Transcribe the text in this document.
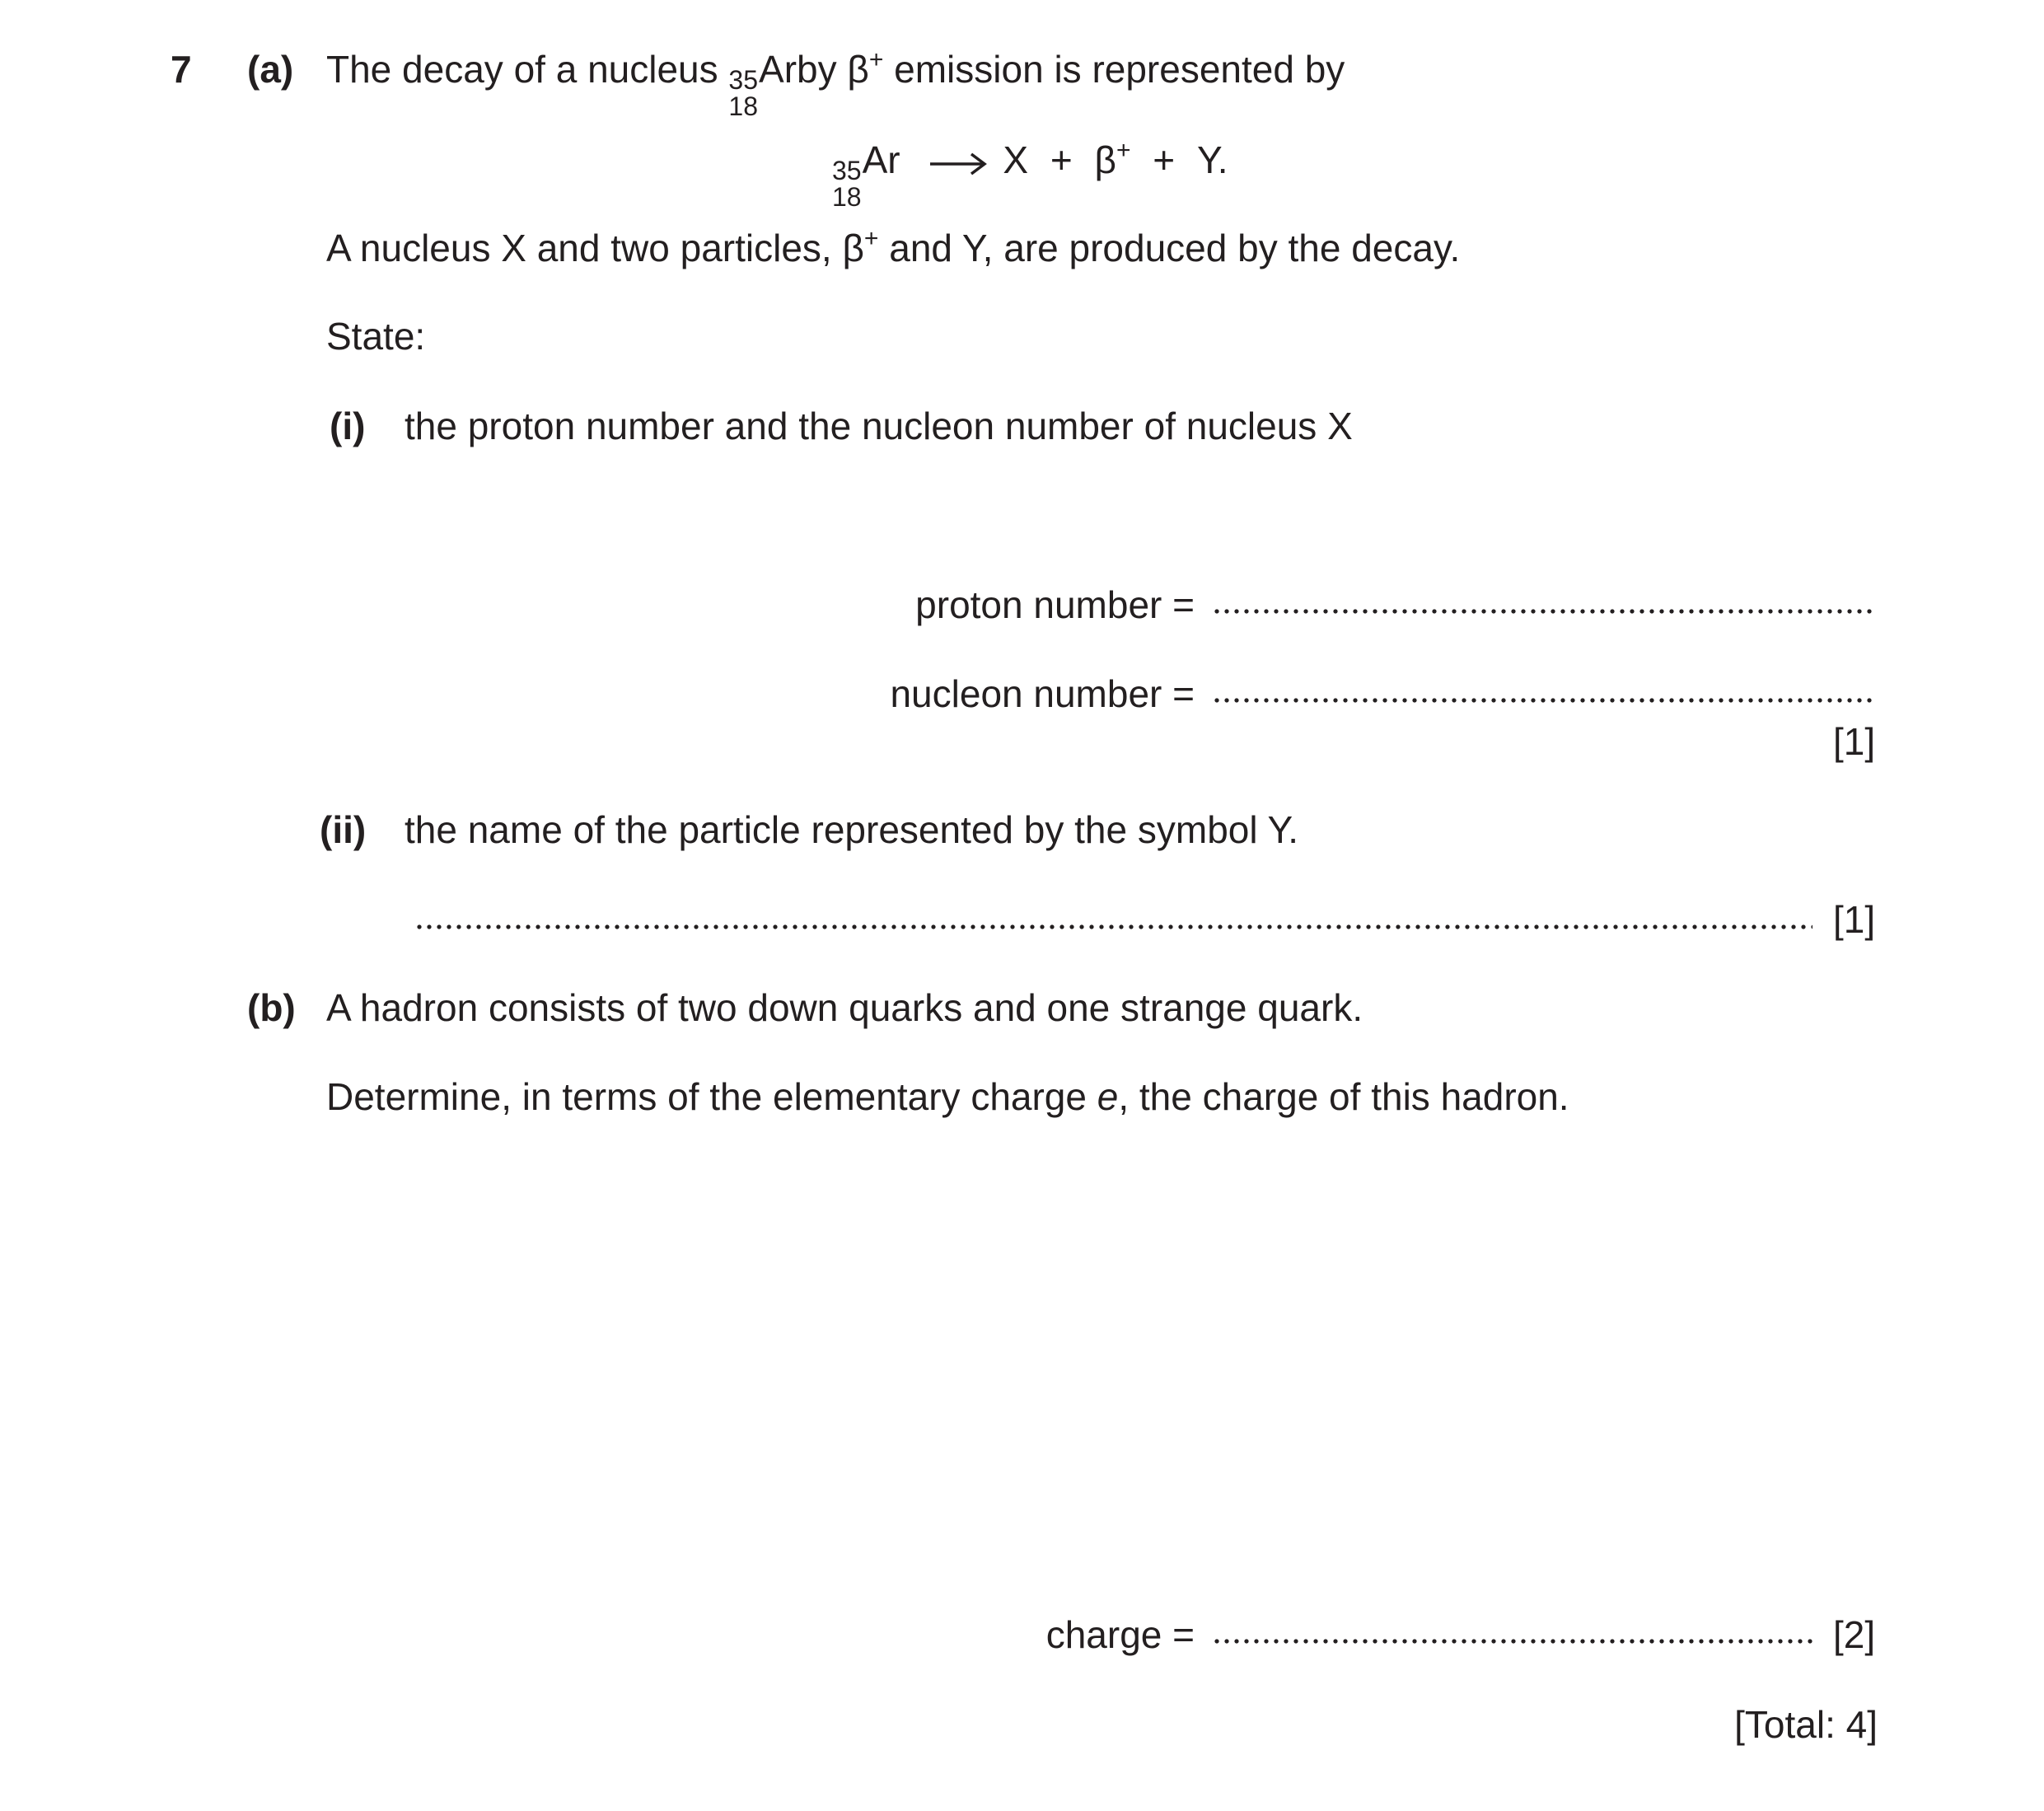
7 (a) The decay of a nucleus 35
18
Arby β+ emission is represented by
35
18
Ar	X + β+ + Y.
A nucleus X and two particles, β+ and Y, are produced by the decay.
State:
(i) the proton number and the nucleon number of nucleus X
proton number =
nucleon number =
[1]
(ii) the name of the particle represented by the symbol Y.
[1]
(b) A hadron consists of two down quarks and one strange quark.
Determine, in terms of the elementary charge e, the charge of this hadron.
charge =	[2]
[Total: 4]
